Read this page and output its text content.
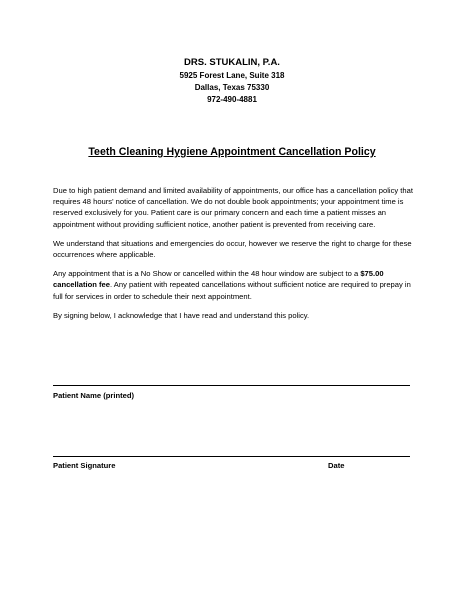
DRS. STUKALIN, P.A.
5925 Forest Lane, Suite 318
Dallas, Texas 75330
972-490-4881
Teeth Cleaning Hygiene Appointment Cancellation Policy

Due to high patient demand and limited availability of appointments, our office has a cancellation policy that requires 48 hours' notice of cancellation. We do not double book appointments; your appointment time is reserved exclusively for you. Patient care is our primary concern and each time a patient misses an appointment without providing sufficient notice, another patient is prevented from receiving care.

We understand that situations and emergencies do occur, however we reserve the right to charge for these occurrences where applicable.

Any appointment that is a No Show or cancelled within the 48 hour window are subject to a $75.00 cancellation fee. Any patient with repeated cancellations without sufficient notice are required to prepay in full for services in order to schedule their next appointment.

By signing below, I acknowledge that I have read and understand this policy.

Patient Name (printed)
Patient Signature	Date
